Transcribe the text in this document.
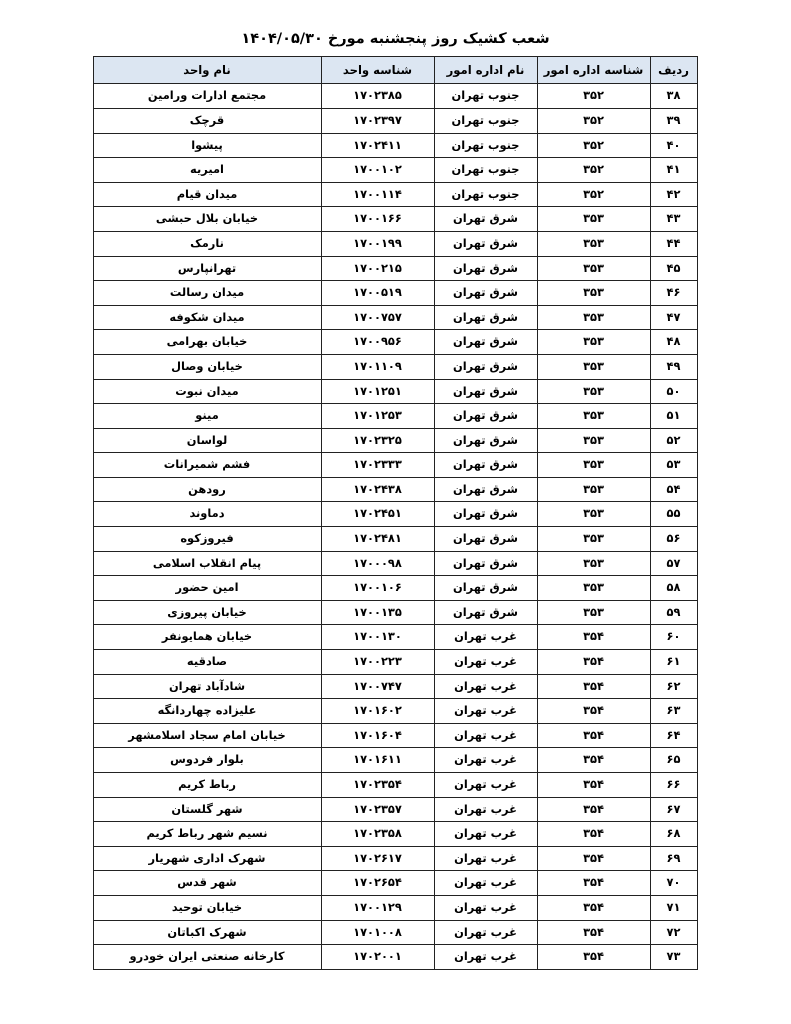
شعب کشیک روز پنجشنبه مورخ ۱۴۰۴/۰۵/۳۰
ردیف	شناسه اداره امور	نام اداره امور	شناسه واحد	نام واحد
۳۸	۳۵۲	جنوب تهران	۱۷۰۲۳۸۵	مجتمع ادارات ورامین
۳۹	۳۵۲	جنوب تهران	۱۷۰۲۳۹۷	قرچک
۴۰	۳۵۲	جنوب تهران	۱۷۰۲۴۱۱	پیشوا
۴۱	۳۵۲	جنوب تهران	۱۷۰۰۱۰۲	امیریه
۴۲	۳۵۲	جنوب تهران	۱۷۰۰۱۱۴	میدان قیام
۴۳	۳۵۳	شرق تهران	۱۷۰۰۱۶۶	خیابان بلال حبشی
۴۴	۳۵۳	شرق تهران	۱۷۰۰۱۹۹	نارمک
۴۵	۳۵۳	شرق تهران	۱۷۰۰۲۱۵	تهرانپارس
۴۶	۳۵۳	شرق تهران	۱۷۰۰۵۱۹	میدان رسالت
۴۷	۳۵۳	شرق تهران	۱۷۰۰۷۵۷	میدان شکوفه
۴۸	۳۵۳	شرق تهران	۱۷۰۰۹۵۶	خیابان بهرامی
۴۹	۳۵۳	شرق تهران	۱۷۰۱۱۰۹	خیابان وصال
۵۰	۳۵۳	شرق تهران	۱۷۰۱۲۵۱	میدان نبوت
۵۱	۳۵۳	شرق تهران	۱۷۰۱۲۵۳	مینو
۵۲	۳۵۳	شرق تهران	۱۷۰۲۳۲۵	لواسان
۵۳	۳۵۳	شرق تهران	۱۷۰۲۳۳۳	فشم شمیرانات
۵۴	۳۵۳	شرق تهران	۱۷۰۲۴۳۸	رودهن
۵۵	۳۵۳	شرق تهران	۱۷۰۲۴۵۱	دماوند
۵۶	۳۵۳	شرق تهران	۱۷۰۲۴۸۱	فیروزکوه
۵۷	۳۵۳	شرق تهران	۱۷۰۰۰۹۸	پیام انقلاب اسلامی
۵۸	۳۵۳	شرق تهران	۱۷۰۰۱۰۶	امین حضور
۵۹	۳۵۳	شرق تهران	۱۷۰۰۱۳۵	خیابان پیروزی
۶۰	۳۵۴	غرب تهران	۱۷۰۰۱۳۰	خیابان همایونفر
۶۱	۳۵۴	غرب تهران	۱۷۰۰۲۲۳	صادقیه
۶۲	۳۵۴	غرب تهران	۱۷۰۰۷۴۷	شادآباد تهران
۶۳	۳۵۴	غرب تهران	۱۷۰۱۶۰۲	علیزاده چهاردانگه
۶۴	۳۵۴	غرب تهران	۱۷۰۱۶۰۴	خیابان امام سجاد اسلامشهر
۶۵	۳۵۴	غرب تهران	۱۷۰۱۶۱۱	بلوار فردوس
۶۶	۳۵۴	غرب تهران	۱۷۰۲۳۵۴	رباط کریم
۶۷	۳۵۴	غرب تهران	۱۷۰۲۳۵۷	شهر گلستان
۶۸	۳۵۴	غرب تهران	۱۷۰۲۳۵۸	نسیم شهر رباط کریم
۶۹	۳۵۴	غرب تهران	۱۷۰۲۶۱۷	شهرک اداری شهریار
۷۰	۳۵۴	غرب تهران	۱۷۰۲۶۵۴	شهر قدس
۷۱	۳۵۴	غرب تهران	۱۷۰۰۱۲۹	خیابان توحید
۷۲	۳۵۴	غرب تهران	۱۷۰۱۰۰۸	شهرک اکباتان
۷۳	۳۵۴	غرب تهران	۱۷۰۲۰۰۱	کارخانه صنعتی ایران خودرو
